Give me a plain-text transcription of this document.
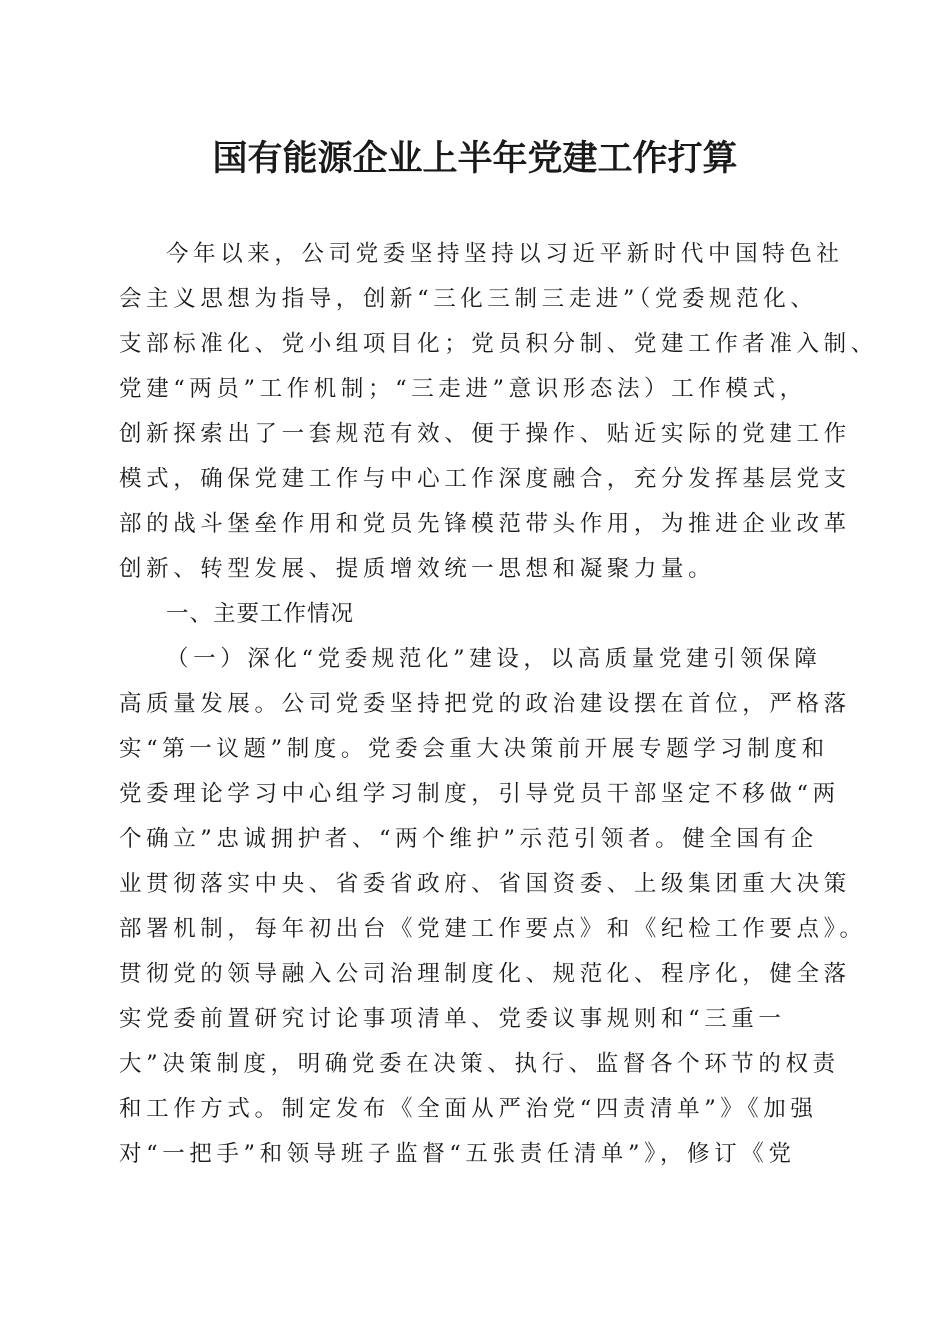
国有能源企业上半年党建工作打算
今年以来，公司党委坚持坚持以习近平新时代中国特色社
会主义思想为指导，创新“三化三制三走进”（党委规范化、
支部标准化、党小组项目化；党员积分制、党建工作者准入制、
党建“两员”工作机制；“三走进”意识形态法）工作模式，
创新探索出了一套规范有效、便于操作、贴近实际的党建工作
模式，确保党建工作与中心工作深度融合，充分发挥基层党支
部的战斗堡垒作用和党员先锋模范带头作用，为推进企业改革
创新、转型发展、提质增效统一思想和凝聚力量。
一、主要工作情况
（一）深化“党委规范化”建设，以高质量党建引领保障
高质量发展。公司党委坚持把党的政治建设摆在首位，严格落
实“第一议题”制度。党委会重大决策前开展专题学习制度和
党委理论学习中心组学习制度，引导党员干部坚定不移做“两
个确立”忠诚拥护者、“两个维护”示范引领者。健全国有企
业贯彻落实中央、省委省政府、省国资委、上级集团重大决策
部署机制，每年初出台《党建工作要点》和《纪检工作要点》。
贯彻党的领导融入公司治理制度化、规范化、程序化，健全落
实党委前置研究讨论事项清单、党委议事规则和“三重一
大”决策制度，明确党委在决策、执行、监督各个环节的权责
和工作方式。制定发布《全面从严治党“四责清单”》《加强
对“一把手”和领导班子监督“五张责任清单”》，修订《党
